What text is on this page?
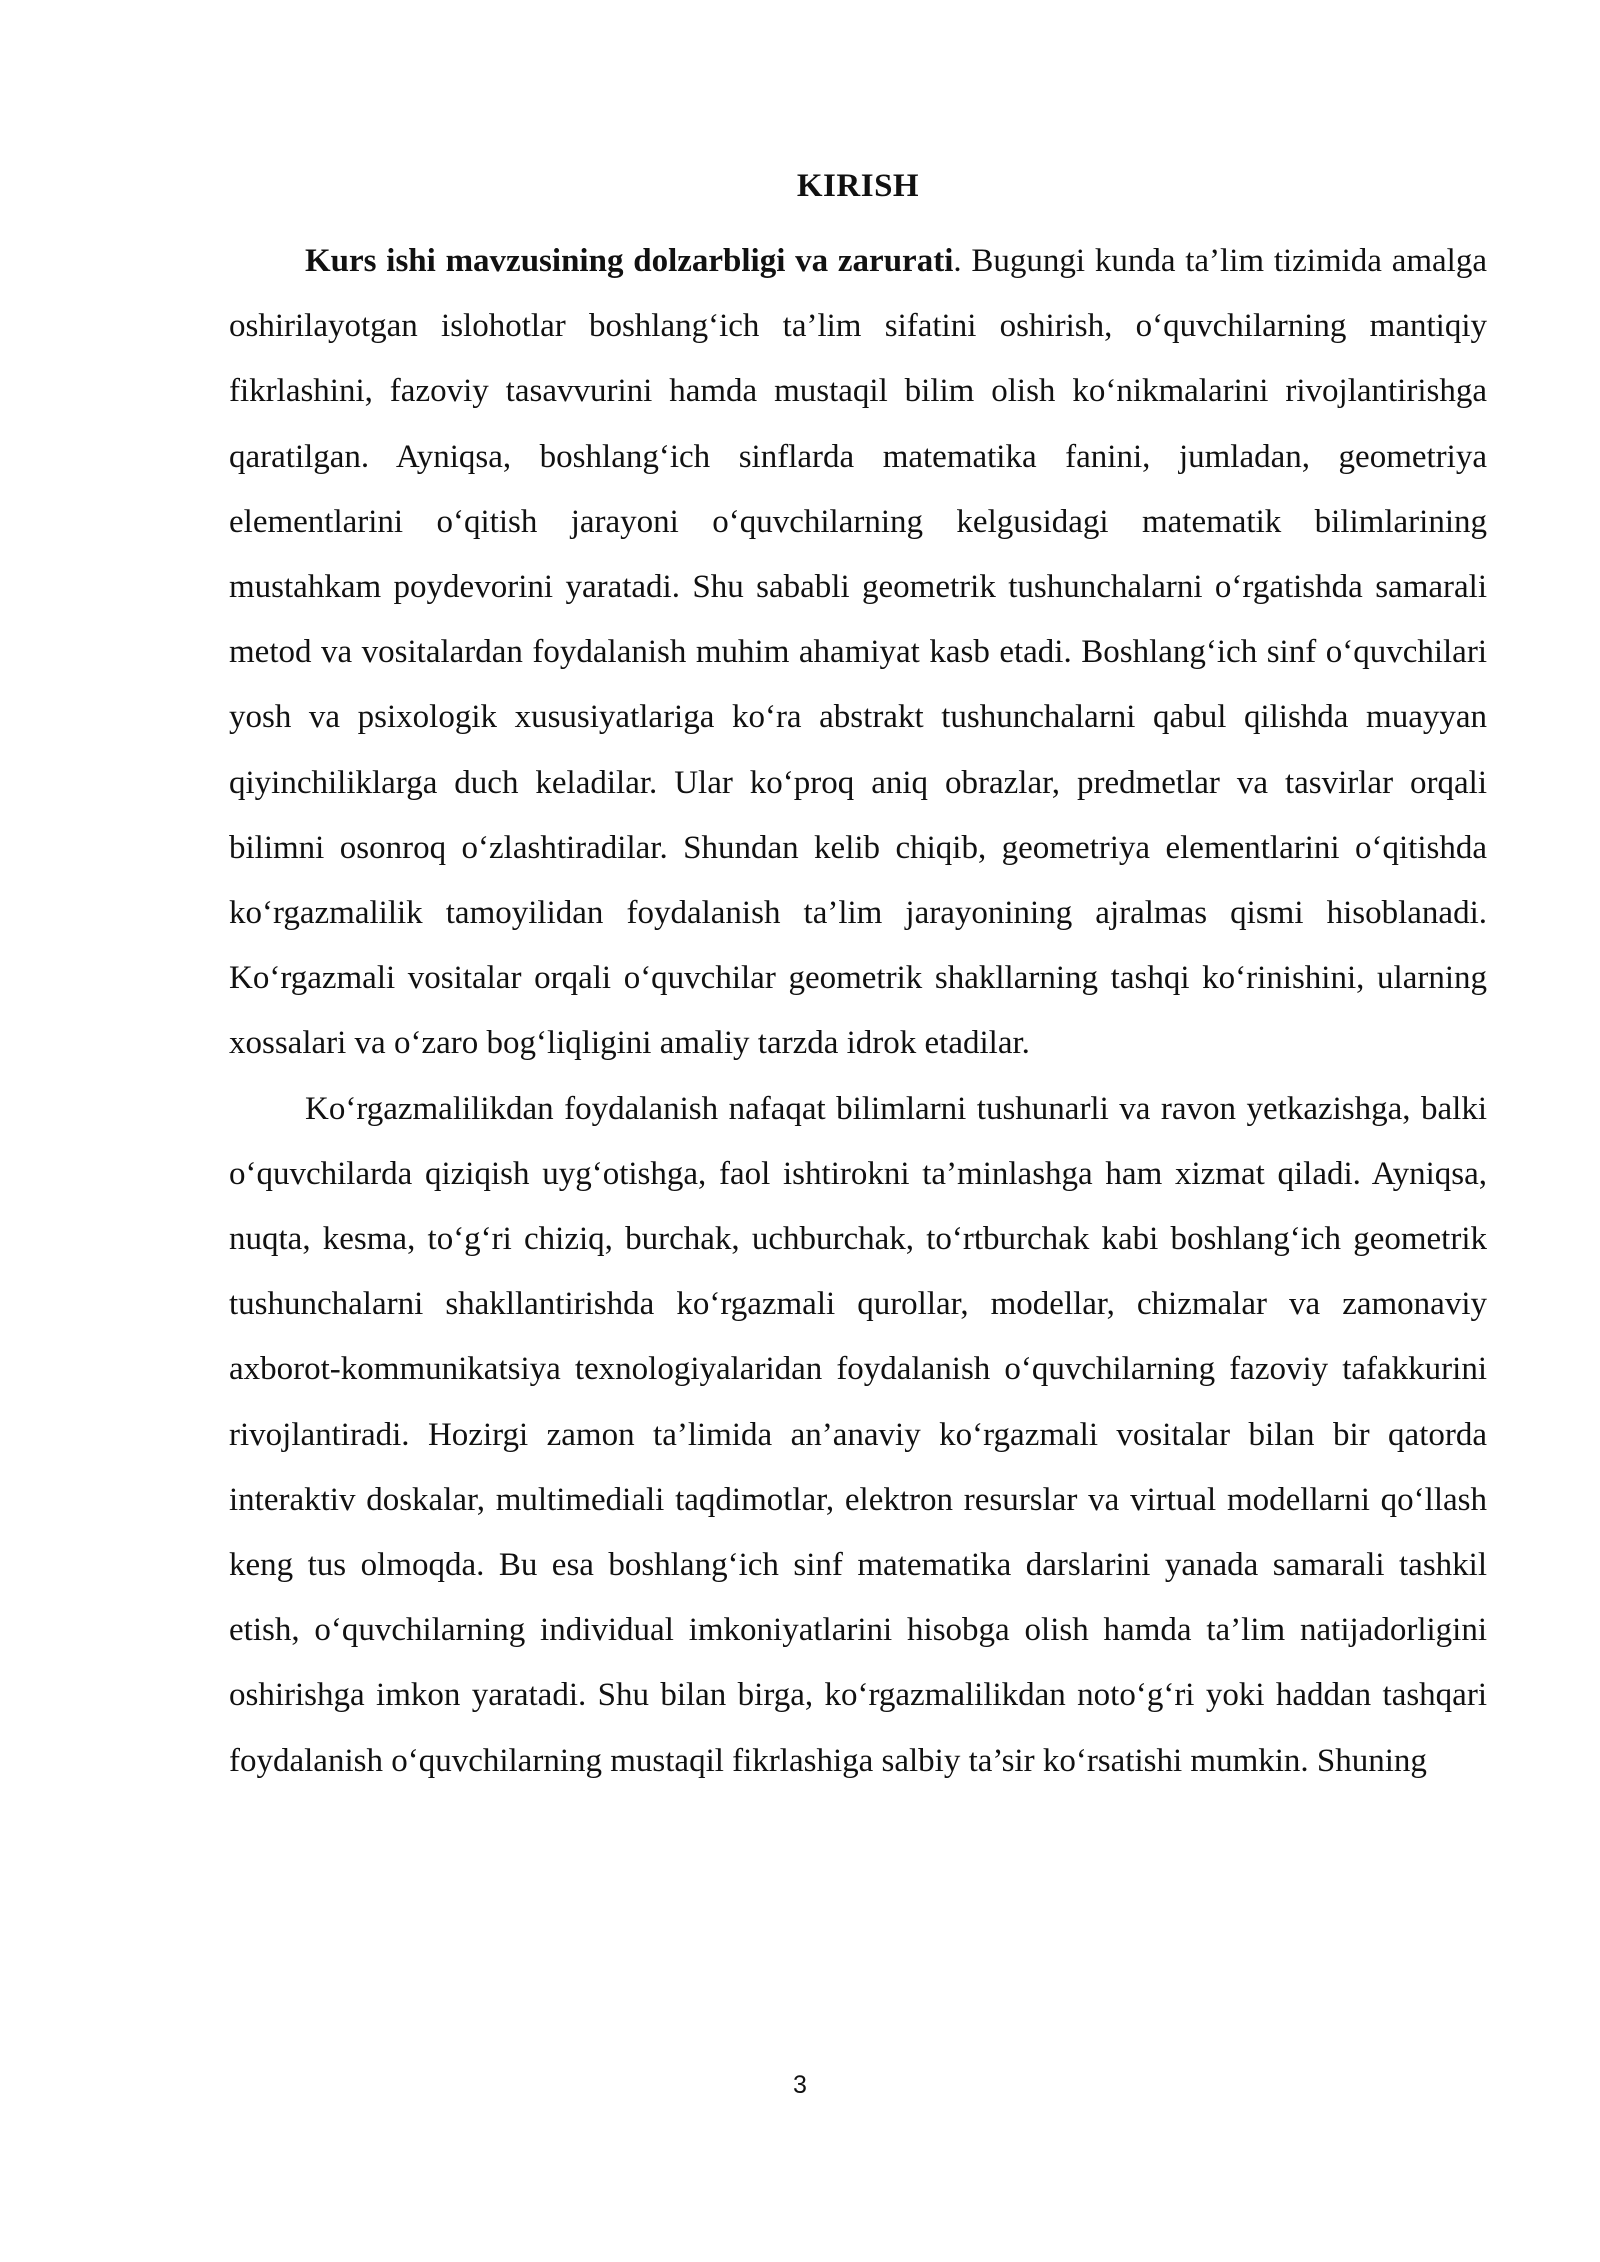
KIRISH

Kurs ishi mavzusining dolzarbligi va zarurati. Bugungi kunda ta’lim tizimida amalga oshirilayotgan islohotlar boshlang‘ich ta’lim sifatini oshirish, o‘quvchilarning mantiqiy fikrlashini, fazoviy tasavvurini hamda mustaqil bilim olish ko‘nikmalarini rivojlantirishga qaratilgan. Ayniqsa, boshlang‘ich sinflarda matematika fanini, jumladan, geometriya elementlarini o‘qitish jarayoni o‘quvchilarning kelgusidagi matematik bilimlarining mustahkam poydevorini yaratadi. Shu sababli geometrik tushunchalarni o‘rgatishda samarali metod va vositalardan foydalanish muhim ahamiyat kasb etadi. Boshlang‘ich sinf o‘quvchilari yosh va psixologik xususiyatlariga ko‘ra abstrakt tushunchalarni qabul qilishda muayyan qiyinchiliklarga duch keladilar. Ular ko‘proq aniq obrazlar, predmetlar va tasvirlar orqali bilimni osonroq o‘zlashtiradilar. Shundan kelib chiqib, geometriya elementlarini o‘qitishda ko‘rgazmalilik tamoyilidan foydalanish ta’lim jarayonining ajralmas qismi hisoblanadi. Ko‘rgazmali vositalar orqali o‘quvchilar geometrik shakllarning tashqi ko‘rinishini, ularning xossalari va o‘zaro bog‘liqligini amaliy tarzda idrok etadilar.

Ko‘rgazmalilikdan foydalanish nafaqat bilimlarni tushunarli va ravon yetkazishga, balki o‘quvchilarda qiziqish uyg‘otishga, faol ishtirokni ta’minlashga ham xizmat qiladi. Ayniqsa, nuqta, kesma, to‘g‘ri chiziq, burchak, uchburchak, to‘rtburchak kabi boshlang‘ich geometrik tushunchalarni shakllantirishda ko‘rgazmali qurollar, modellar, chizmalar va zamonaviy axborot-kommunikatsiya texnologiyalaridan foydalanish o‘quvchilarning fazoviy tafakkurini rivojlantiradi. Hozirgi zamon ta’limida an’anaviy ko‘rgazmali vositalar bilan bir qatorda interaktiv doskalar, multimediali taqdimotlar, elektron resurslar va virtual modellarni qo‘llash keng tus olmoqda. Bu esa boshlang‘ich sinf matematika darslarini yanada samarali tashkil etish, o‘quvchilarning individual imkoniyatlarini hisobga olish hamda ta’lim natijadorligini oshirishga imkon yaratadi. Shu bilan birga, ko‘rgazmalilikdan noto‘g‘ri yoki haddan tashqari foydalanish o‘quvchilarning mustaqil fikrlashiga salbiy ta’sir ko‘rsatishi mumkin. Shuning

3
